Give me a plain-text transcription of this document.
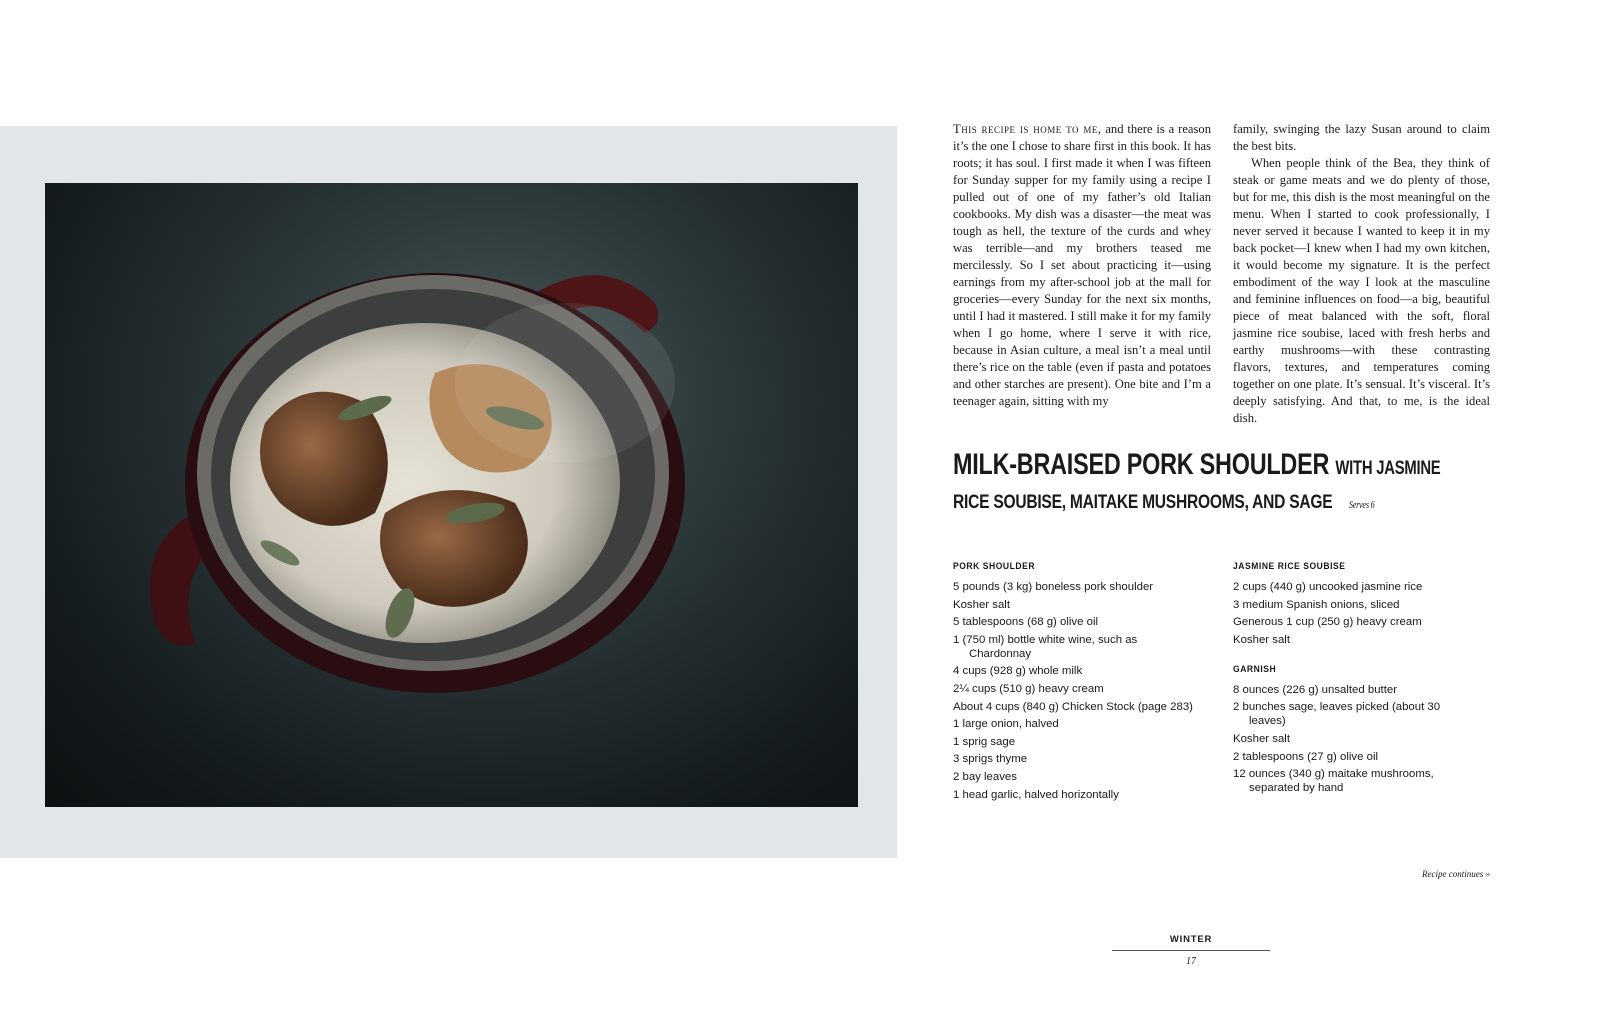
This recipe is home to me, and there is a reason it’s the one I chose to share first in this book. It has roots; it has soul. I first made it when I was fifteen for Sunday supper for my family using a recipe I pulled out of one of my father’s old Italian cookbooks. My dish was a disaster—the meat was tough as hell, the texture of the curds and whey was terrible—and my brothers teased me mercilessly. So I set about practicing it—using earnings from my after-school job at the mall for groceries—every Sunday for the next six months, until I had it mastered. I still make it for my family when I go home, where I serve it with rice, because in Asian culture, a meal isn’t a meal until there’s rice on the table (even if pasta and potatoes and other starches are present). One bite and I’m a teenager again, sitting with my

family, swinging the lazy Susan around to claim the best bits.

When people think of the Bea, they think of steak or game meats and we do plenty of those, but for me, this dish is the most meaningful on the menu. When I started to cook professionally, I never served it because I wanted to keep it in my back pocket—I knew when I had my own kitchen, it would become my signature. It is the perfect embodiment of the way I look at the masculine and feminine influences on food—a big, beautiful piece of meat balanced with the soft, floral jasmine rice soubise, laced with fresh herbs and earthy mushrooms—with these contrasting flavors, textures, and temperatures coming together on one plate. It’s sensual. It’s visceral. It’s deeply satisfying. And that, to me, is the ideal dish.

MILK-BRAISED PORK SHOULDER WITH JASMINE
RICE SOUBISE, MAITAKE MUSHROOMS, AND SAGE Serves 6
PORK SHOULDER
5 pounds (3 kg) boneless pork shoulder
Kosher salt
5 tablespoons (68 g) olive oil
1 (750 ml) bottle white wine, such as Chardonnay
4 cups (928 g) whole milk
2¼ cups (510 g) heavy cream
About 4 cups (840 g) Chicken Stock (page 283)
1 large onion, halved
1 sprig sage
3 sprigs thyme
2 bay leaves
1 head garlic, halved horizontally
JASMINE RICE SOUBISE
2 cups (440 g) uncooked jasmine rice
3 medium Spanish onions, sliced
Generous 1 cup (250 g) heavy cream
Kosher salt
GARNISH
8 ounces (226 g) unsalted butter
2 bunches sage, leaves picked (about 30 leaves)
Kosher salt
2 tablespoons (27 g) olive oil
12 ounces (340 g) maitake mushrooms, separated by hand
Recipe continues »
WINTER
17
